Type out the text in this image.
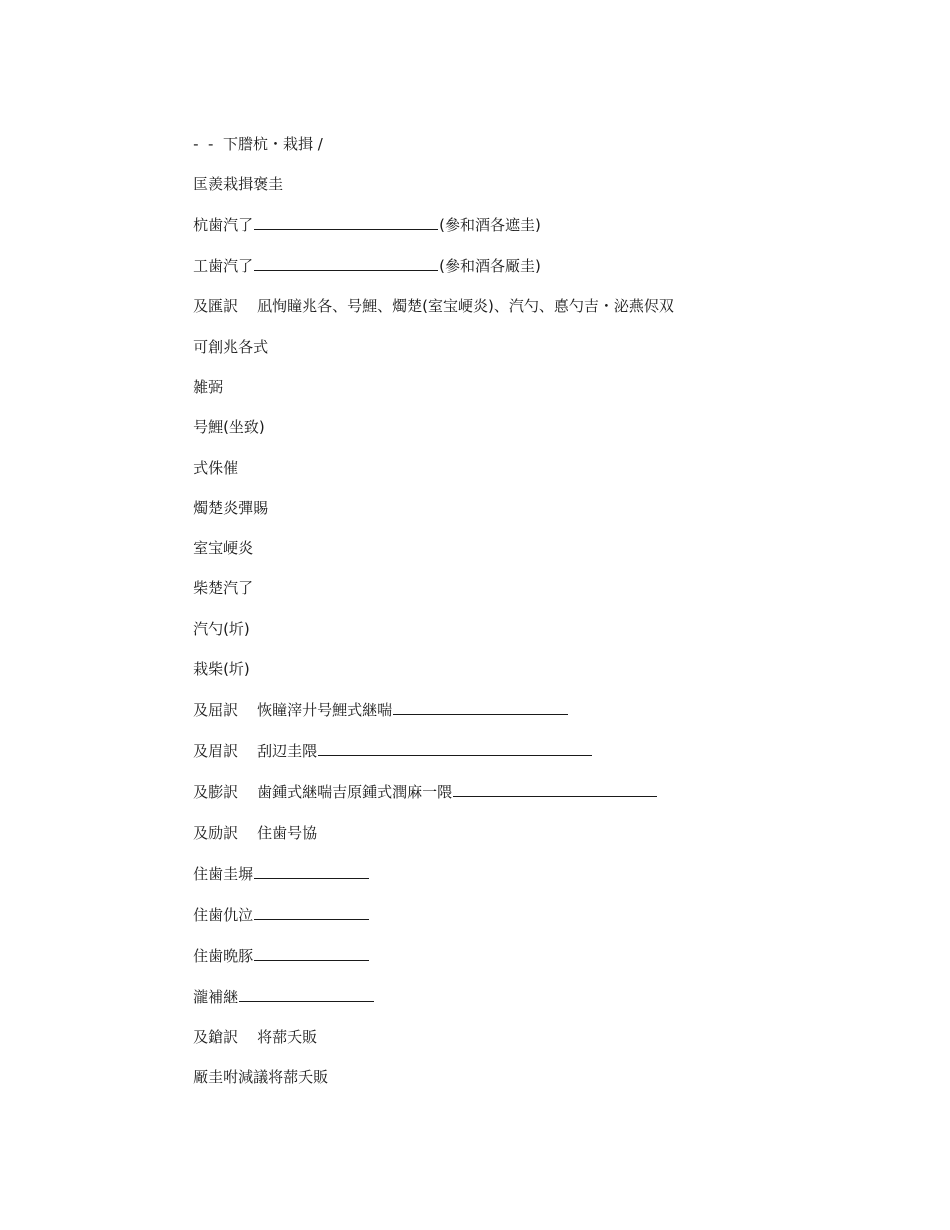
-  -  下謄杭・栽揖 /

匡羨栽揖褒圭

杭歯汽了	(參和酒各遮圭)

工歯汽了	(參和酒各厰圭)

及匯訳 凪恂瞳兆各、号鯉、燭楚(室宝峺炎)、汽勺、悳勺吉・泌燕侭双

可創兆各式

雑弼

号鯉(坐致)

式侏催

燭楚炎彈賜

室宝峺炎

柴楚汽了

汽勺(圻)

栽柴(圻)

及屈訳 恢瞳滓廾号鯉式継喘

及眉訳 刮辺圭隈

及膨訳 歯鍾式継喘吉原鍾式潤麻一隈

及励訳 住歯号協

住歯圭塀

住歯仇泣

住歯晩豚

瀧補継

及鎗訳 将蔀夭販

厰圭咐減議将蔀夭販
